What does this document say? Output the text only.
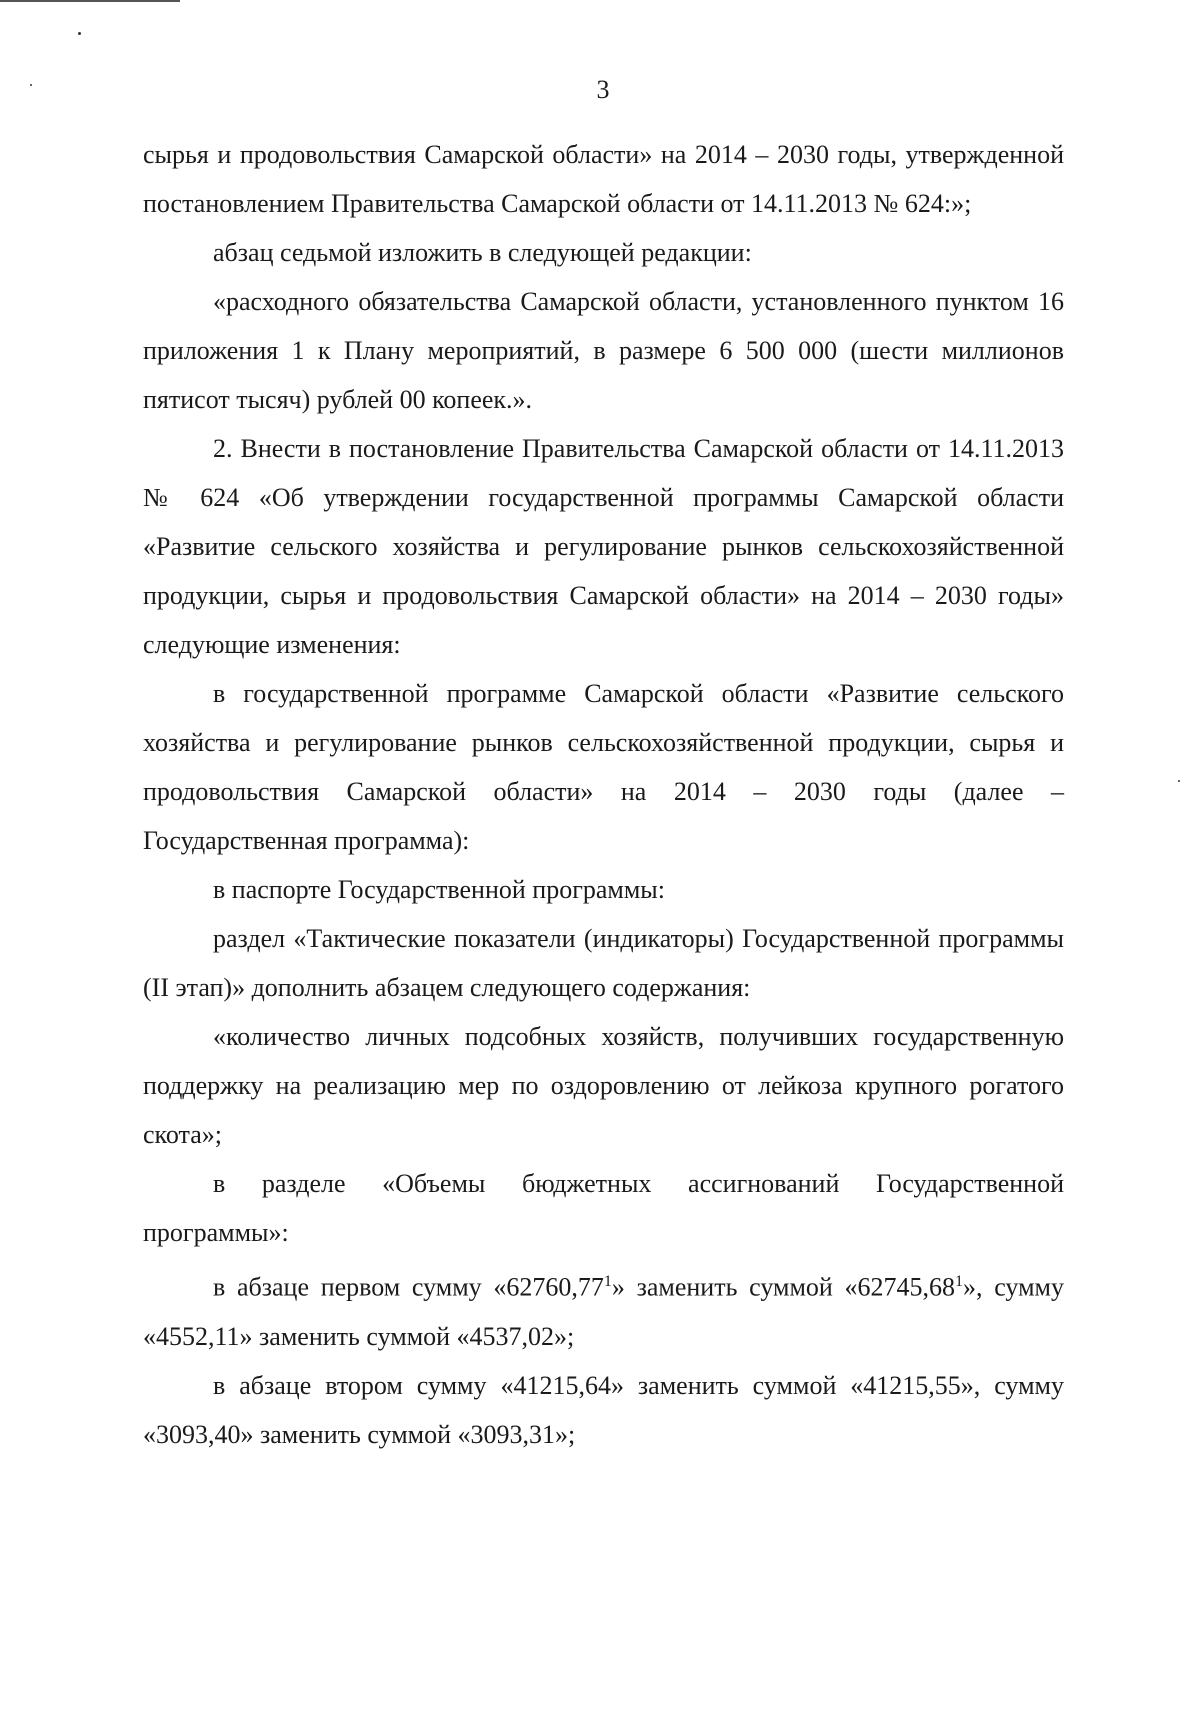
3

сырья и продовольствия Самарской области» на 2014 – 2030 годы, утвержденной постановлением Правительства Самарской области от 14.11.2013 № 624:»;

абзац седьмой изложить в следующей редакции:

«расходного обязательства Самарской области, установленного пунктом 16 приложения 1 к Плану мероприятий, в размере 6 500 000 (шести миллионов пятисот тысяч) рублей 00 копеек.».

2. Внести в постановление Правительства Самарской области от 14.11.2013 № 624 «Об утверждении государственной программы Самарской области «Развитие сельского хозяйства и регулирование рынков сельскохозяйственной продукции, сырья и продовольствия Самарской области» на 2014 – 2030 годы» следующие изменения:

в государственной программе Самарской области «Развитие сельского хозяйства и регулирование рынков сельскохозяйственной продукции, сырья и продовольствия Самарской области» на 2014 – 2030 годы (далее – Государственная программа):

в паспорте Государственной программы:

раздел «Тактические показатели (индикаторы) Государственной программы (II этап)» дополнить абзацем следующего содержания:

«количество личных подсобных хозяйств, получивших государственную поддержку на реализацию мер по оздоровлению от лейкоза крупного рогатого скота»;

в разделе «Объемы бюджетных ассигнований Государственной программы»:

в абзаце первом сумму «62760,77$^1$» заменить суммой «62745,68$^1$», сумму «4552,11» заменить суммой «4537,02»;

в абзаце втором сумму «41215,64» заменить суммой «41215,55», сумму «3093,40» заменить суммой «3093,31»;
